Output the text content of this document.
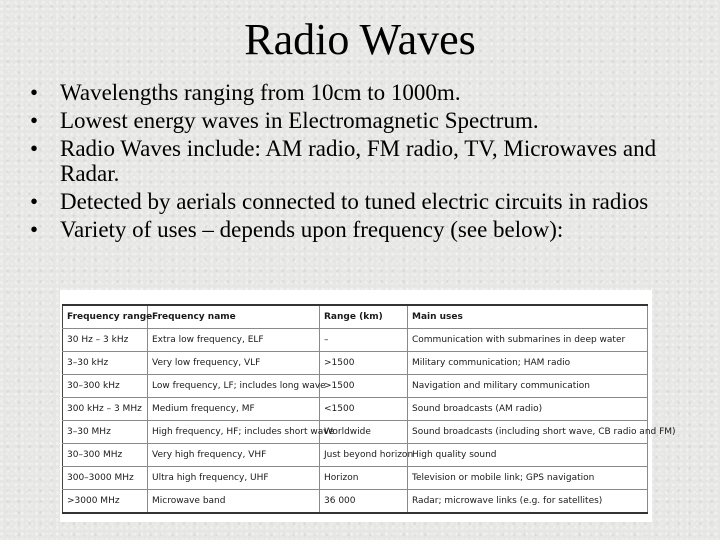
Radio Waves
• Wavelengths ranging from 10cm to 1000m.
• Lowest energy waves in Electromagnetic Spectrum.
• Radio Waves include: AM radio, FM radio, TV, Microwaves and Radar.
• Detected by aerials connected to tuned electric circuits in radios
• Variety of uses – depends upon frequency (see below):
Frequency range	Frequency name	Range (km)	Main uses
30 Hz – 3 kHz	Extra low frequency, ELF	–	Communication with submarines in deep water
3–30 kHz	Very low frequency, VLF	>1500	Military communication; HAM radio
30–300 kHz	Low frequency, LF; includes long wave	>1500	Navigation and military communication
300 kHz – 3 MHz	Medium frequency, MF	<1500	Sound broadcasts (AM radio)
3–30 MHz	High frequency, HF; includes short wave	Worldwide	Sound broadcasts (including short wave, CB radio and FM)
30–300 MHz	Very high frequency, VHF	Just beyond horizon	High quality sound
300–3000 MHz	Ultra high frequency, UHF	Horizon	Television or mobile link; GPS navigation
>3000 MHz	Microwave band	36 000	Radar; microwave links (e.g. for satellites)
